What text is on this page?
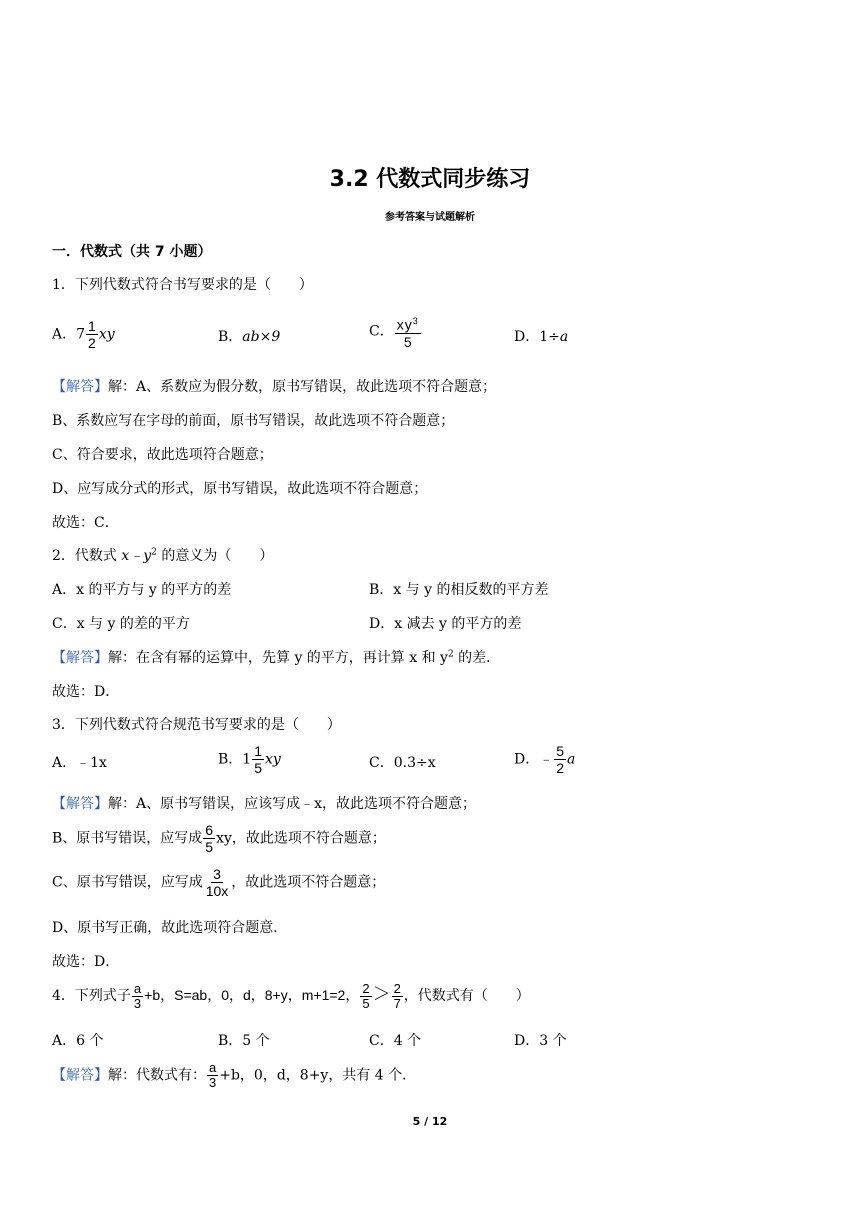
3.2 代数式同步练习
参考答案与试题解析
一．代数式（共 7 小题）
1．下列代数式符合书写要求的是（　　）
A．$7 \frac{1}{2}$ xy	B．ab×9	C． $\frac{xy^3}{5}$	D．1÷a
【解答】解：A、系数应为假分数，原书写错误，故此选项不符合题意；
B、系数应写在字母的前面，原书写错误，故此选项不符合题意；
C、符合要求，故此选项符合题意；
D、应写成分式的形式，原书写错误，故此选项不符合题意；
故选：C．
2．代数式 $x﹣y^2$ 的意义为（　　）
A．x 的平方与 y 的平方的差	B．x 与 y 的相反数的平方差
C．x 与 y 的差的平方	D．x 减去 y 的平方的差
【解答】解：在含有幂的运算中，先算 y 的平方，再计算 x 和 $y^2$ 的差．
故选：D．
3．下列代数式符合规范书写要求的是（　　）
A．﹣1x	B．$1 \frac{1}{5}$ xy	C．0.3÷x	D．﹣ $\frac{5}{2}$ a
【解答】解：A、原书写错误，应该写成﹣x，故此选项不符合题意；
B、原书写错误，应写成 $\frac{6}{5}$ xy，故此选项不符合题意；
C、原书写错误，应写成 $\frac{3}{10x}$ ，故此选项不符合题意；
D、原书写正确，故此选项符合题意．
故选：D．
4．下列式子 $\frac{a}{3} +b$，S=ab，0，d，8+y，m+1=2， $\frac{2}{5} > \frac{2}{7}$ ，代数式有（　　）
A．6 个	B．5 个	C．4 个	D．3 个
【解答】解：代数式有： $\frac{a}{3} +b$，0，d，8+y，共有 4 个．
5 / 12
